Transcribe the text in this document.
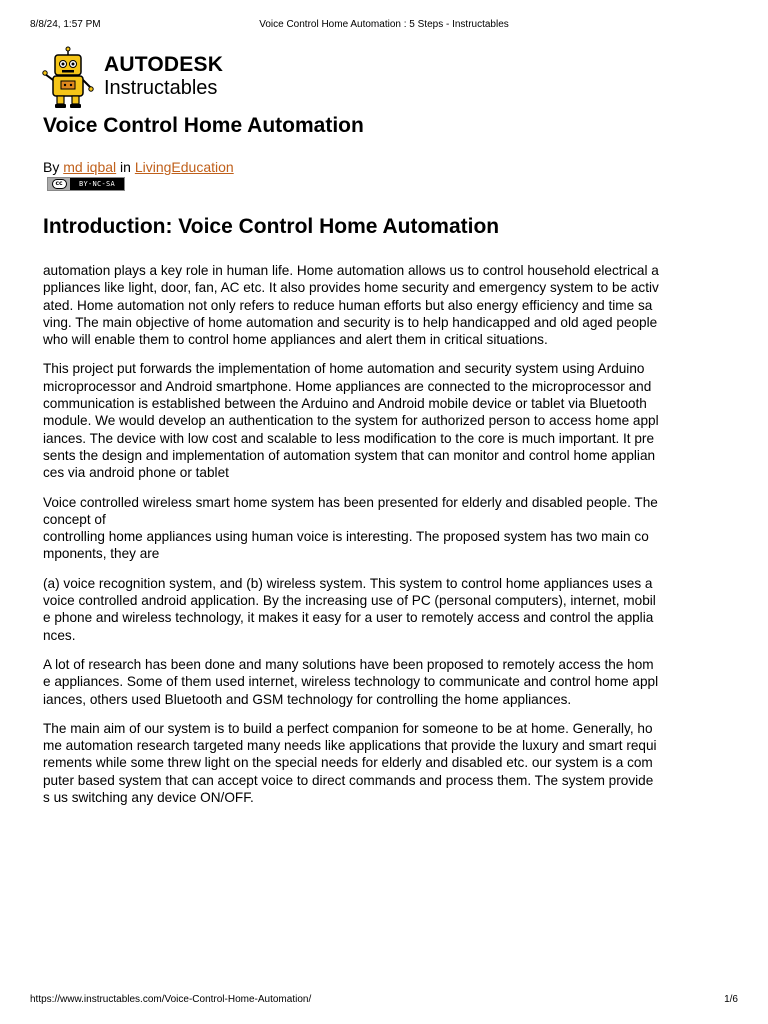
8/8/24, 1:57 PM	Voice Control Home Automation : 5 Steps - Instructables
AUTODESK
Instructables
Voice Control Home Automation
By md iqbal in LivingEducation
cc	BY-NC-SA
Introduction: Voice Control Home Automation

automation plays a key role in human life. Home automation allows us to control household electrical a
ppliances like light, door, fan, AC etc. It also provides home security and emergency system to be activ
ated. Home automation not only refers to reduce human efforts but also energy efficiency and time sa
ving. The main objective of home automation and security is to help handicapped and old aged people
who will enable them to control home appliances and alert them in critical situations.

This project put forwards the implementation of home automation and security system using Arduino
microprocessor and Android smartphone. Home appliances are connected to the microprocessor and
communication is established between the Arduino and Android mobile device or tablet via Bluetooth
module. We would develop an authentication to the system for authorized person to access home appl
iances. The device with low cost and scalable to less modification to the core is much important. It pre
sents the design and implementation of automation system that can monitor and control home applian
ces via android phone or tablet

Voice controlled wireless smart home system has been presented for elderly and disabled people. The
concept of
controlling home appliances using human voice is interesting. The proposed system has two main co
mponents, they are

(a) voice recognition system, and (b) wireless system. This system to control home appliances uses a
voice controlled android application. By the increasing use of PC (personal computers), internet, mobil
e phone and wireless technology, it makes it easy for a user to remotely access and control the applia
nces.

A lot of research has been done and many solutions have been proposed to remotely access the hom
e appliances. Some of them used internet, wireless technology to communicate and control home appl
iances, others used Bluetooth and GSM technology for controlling the home appliances.

The main aim of our system is to build a perfect companion for someone to be at home. Generally, ho
me automation research targeted many needs like applications that provide the luxury and smart requi
rements while some threw light on the special needs for elderly and disabled etc. our system is a com
puter based system that can accept voice to direct commands and process them. The system provide
s us switching any device ON/OFF.

https://www.instructables.com/Voice-Control-Home-Automation/	1/6
